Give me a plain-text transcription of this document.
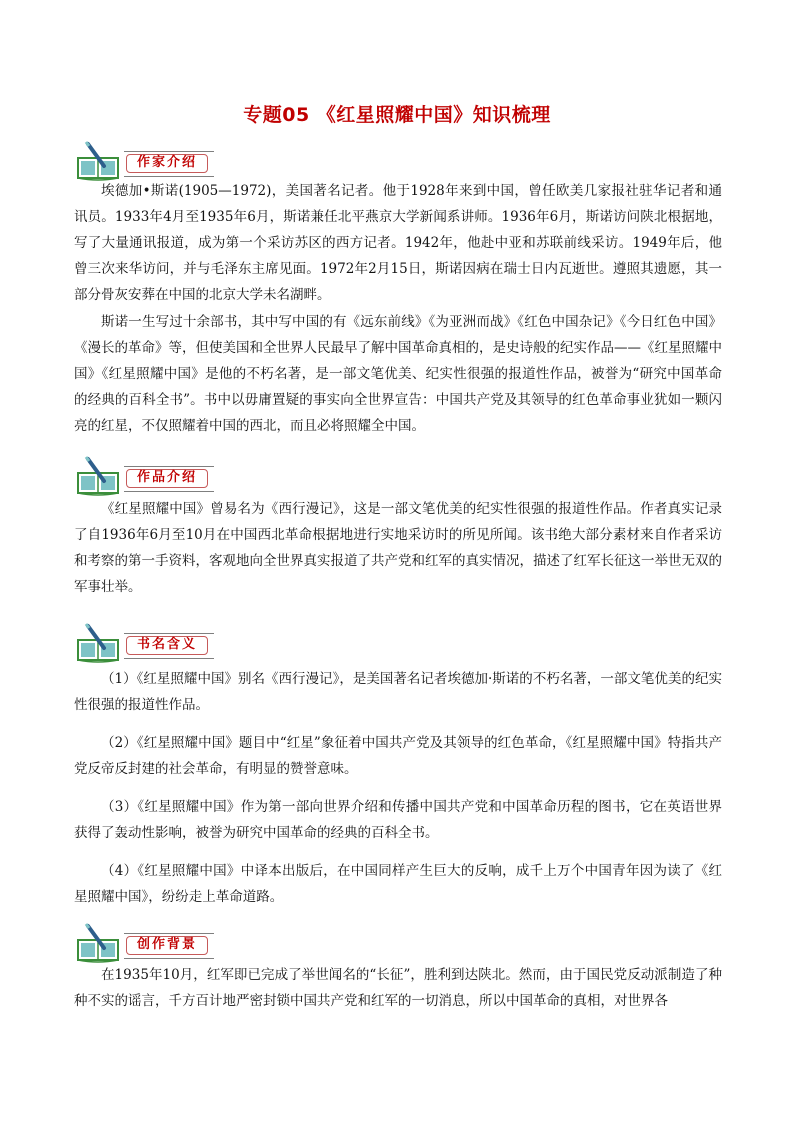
专题05 《红星照耀中国》知识梳理
作家介绍

埃德加•斯诺(1905—1972)，美国著名记者。他于1928年来到中国，曾任欧美几家报社驻华记者和通讯员。1933年4月至1935年6月，斯诺兼任北平燕京大学新闻系讲师。1936年6月，斯诺访问陕北根据地，写了大量通讯报道，成为第一个采访苏区的西方记者。1942年，他赴中亚和苏联前线采访。1949年后，他曾三次来华访问，并与毛泽东主席见面。1972年2月15日，斯诺因病在瑞士日内瓦逝世。遵照其遗愿，其一部分骨灰安葬在中国的北京大学未名湖畔。

斯诺一生写过十余部书，其中写中国的有《远东前线》《为亚洲而战》《红色中国杂记》《今日红色中国》《漫长的革命》等，但使美国和全世界人民最早了解中国革命真相的，是史诗般的纪实作品——《红星照耀中国》《红星照耀中国》是他的不朽名著，是一部文笔优美、纪实性很强的报道性作品，被誉为“研究中国革命的经典的百科全书”。书中以毋庸置疑的事实向全世界宣告：中国共产党及其领导的红色革命事业犹如一颗闪亮的红星，不仅照耀着中国的西北，而且必将照耀全中国。

作品介绍

《红星照耀中国》曾易名为《西行漫记》，这是一部文笔优美的纪实性很强的报道性作品。作者真实记录了自1936年6月至10月在中国西北革命根据地进行实地采访时的所见所闻。该书绝大部分素材来自作者采访和考察的第一手资料，客观地向全世界真实报道了共产党和红军的真实情况，描述了红军长征这一举世无双的军事壮举。

书名含义

（1）《红星照耀中国》别名《西行漫记》，是美国著名记者埃德加·斯诺的不朽名著，一部文笔优美的纪实性很强的报道性作品。

（2）《红星照耀中国》题目中“红星”象征着中国共产党及其领导的红色革命，《红星照耀中国》特指共产党反帝反封建的社会革命，有明显的赞誉意味。

（3）《红星照耀中国》作为第一部向世界介绍和传播中国共产党和中国革命历程的图书，它在英语世界获得了轰动性影响，被誉为研究中国革命的经典的百科全书。

（4）《红星照耀中国》中译本出版后，在中国同样产生巨大的反响，成千上万个中国青年因为读了《红星照耀中国》，纷纷走上革命道路。

创作背景

在1935年10月，红军即已完成了举世闻名的“长征”，胜利到达陕北。然而，由于国民党反动派制造了种种不实的谣言，千方百计地严密封锁中国共产党和红军的一切消息，所以中国革命的真相，对世界各
